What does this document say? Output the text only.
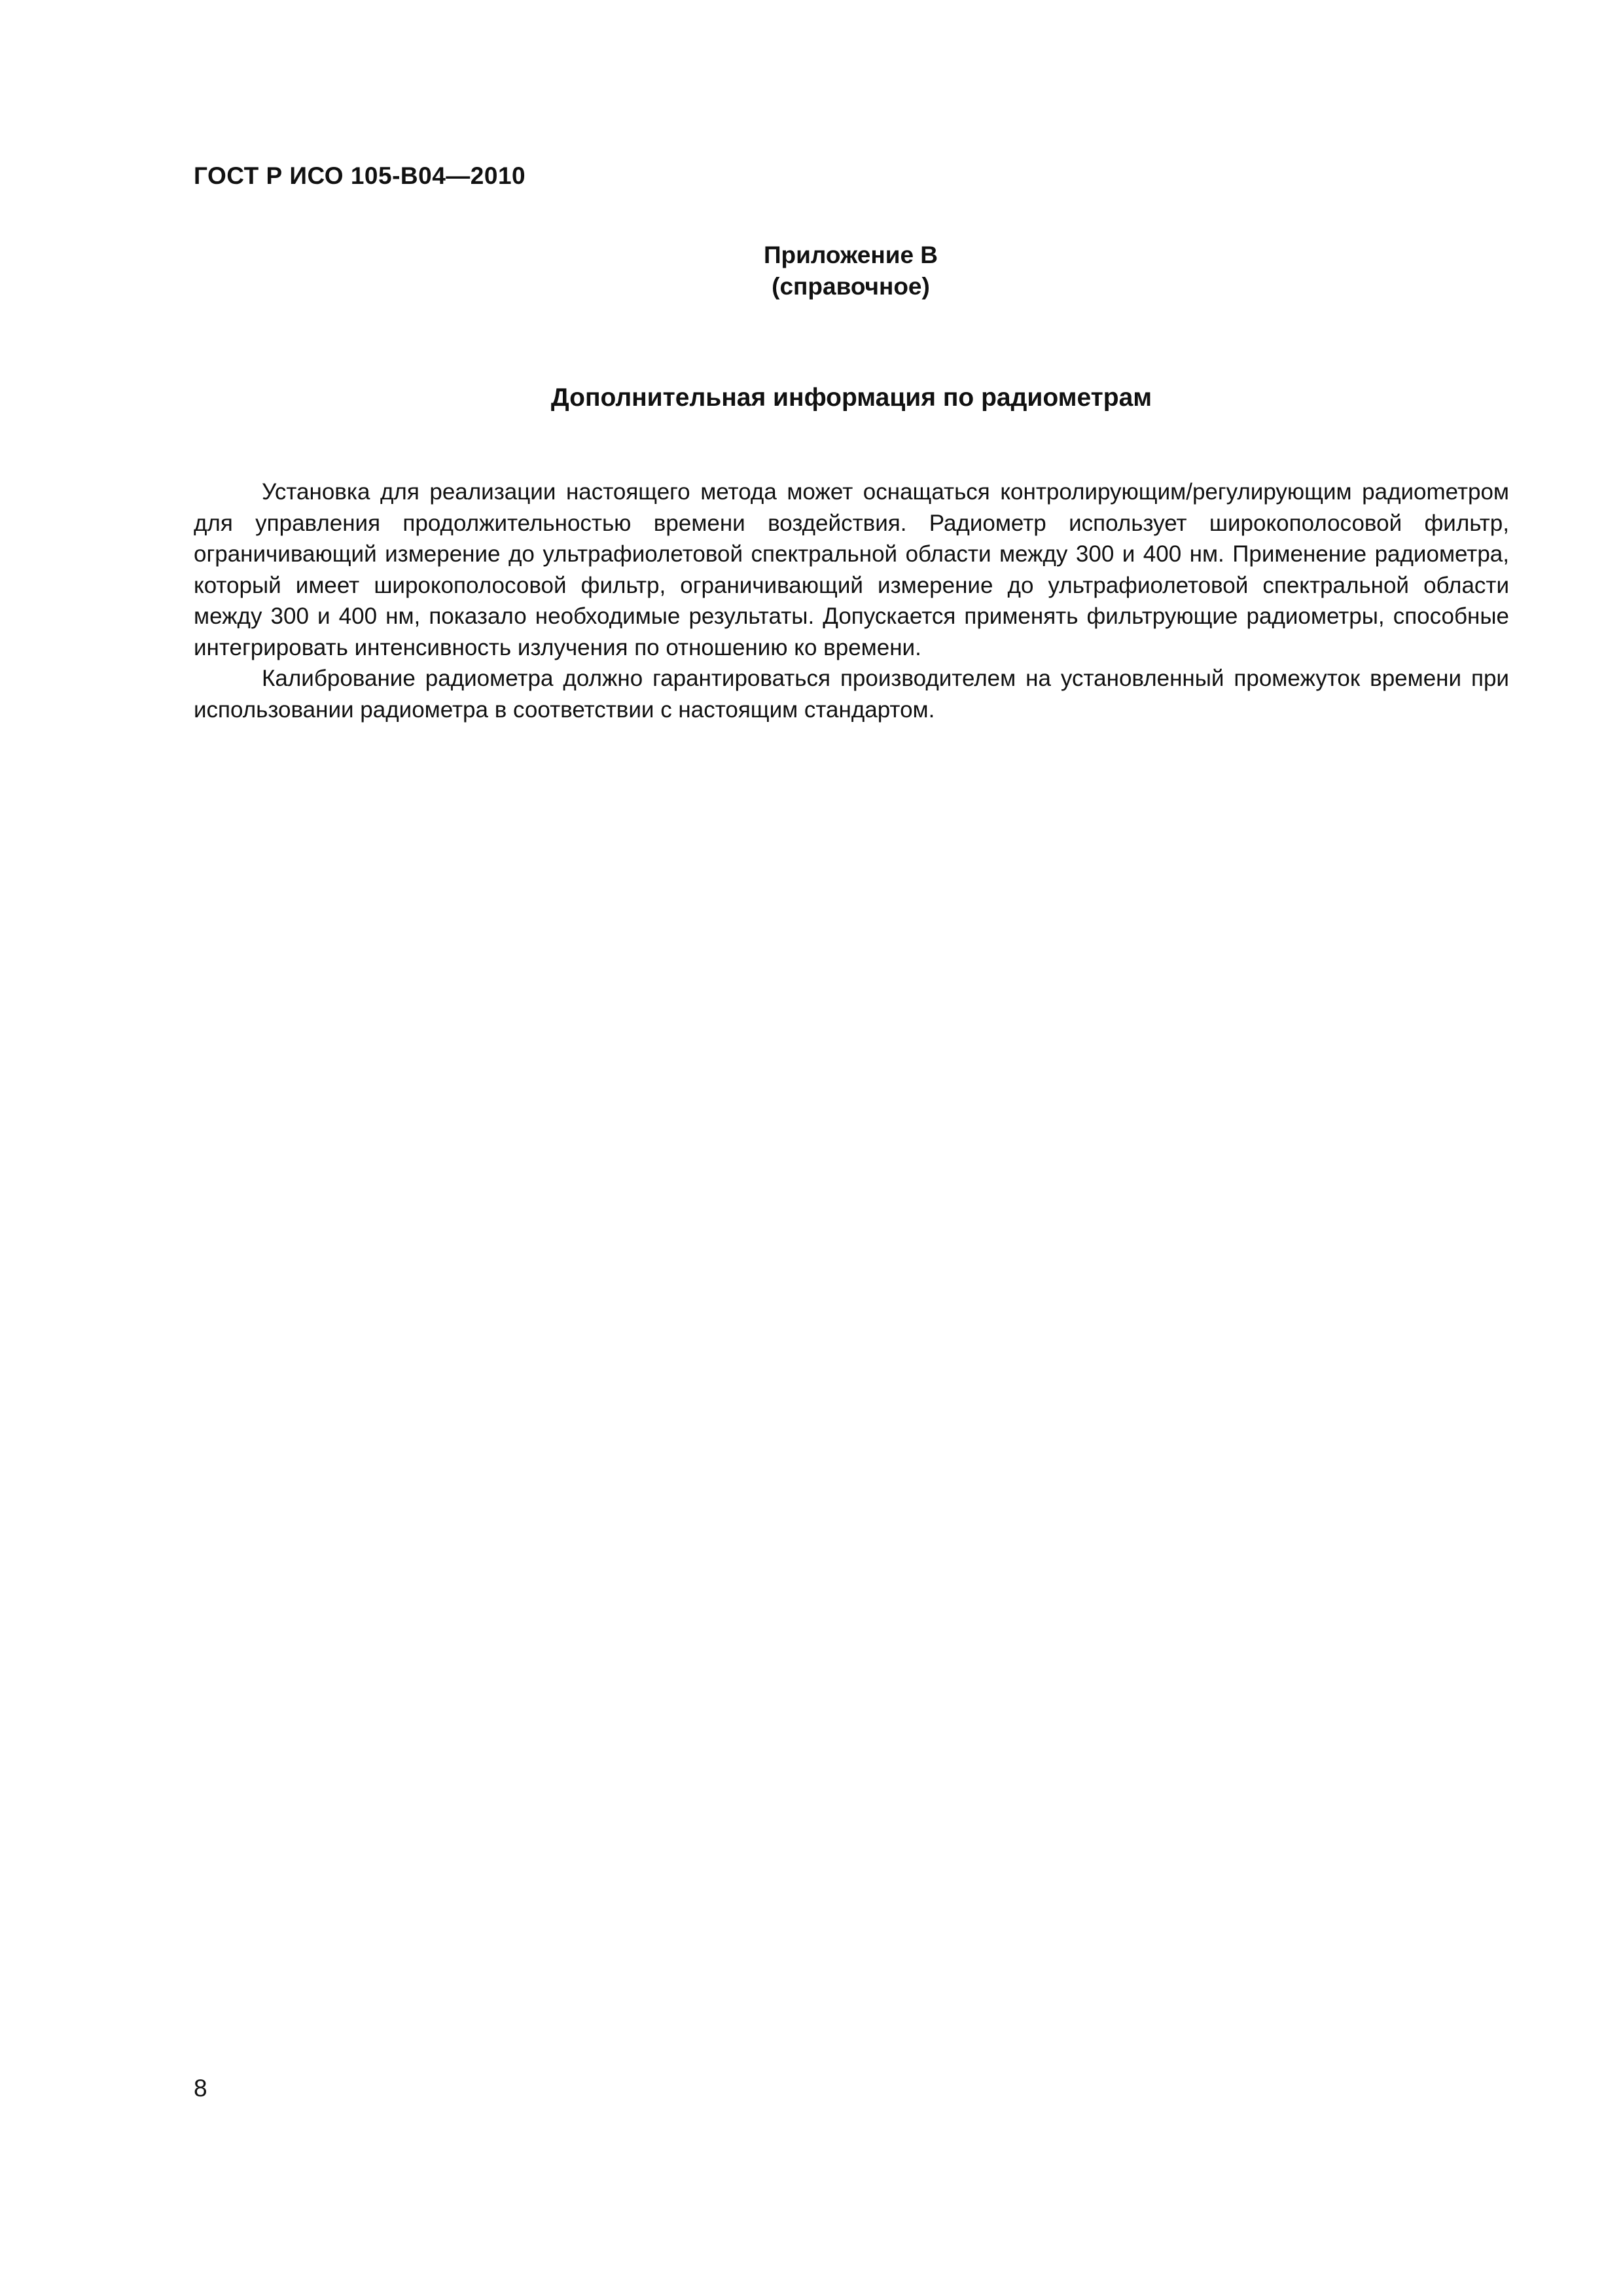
ГОСТ Р ИСО 105-В04—2010
Приложение В
(справочное)
Дополнительная информация по радиометрам

Установка для реализации настоящего метода может оснащаться контролирующим/регулирующим радиоmетром для управления продолжительностью времени воздействия. Радиометр использует широкополосовой фильтр, ограничивающий измерение до ультрафиолетовой спектральной области между 300 и 400 нм. Применение радиометра, который имеет широкополосовой фильтр, ограничивающий измерение до ультрафиолетовой спектральной области между 300 и 400 нм, показало необходимые результаты. Допускается применять фильтрующие радиометры, способные интегрировать интенсивность излучения по отношению ко времени.

Калибрование радиометра должно гарантироваться производителем на установленный промежуток времени при использовании радиометра в соответствии с настоящим стандартом.

8
